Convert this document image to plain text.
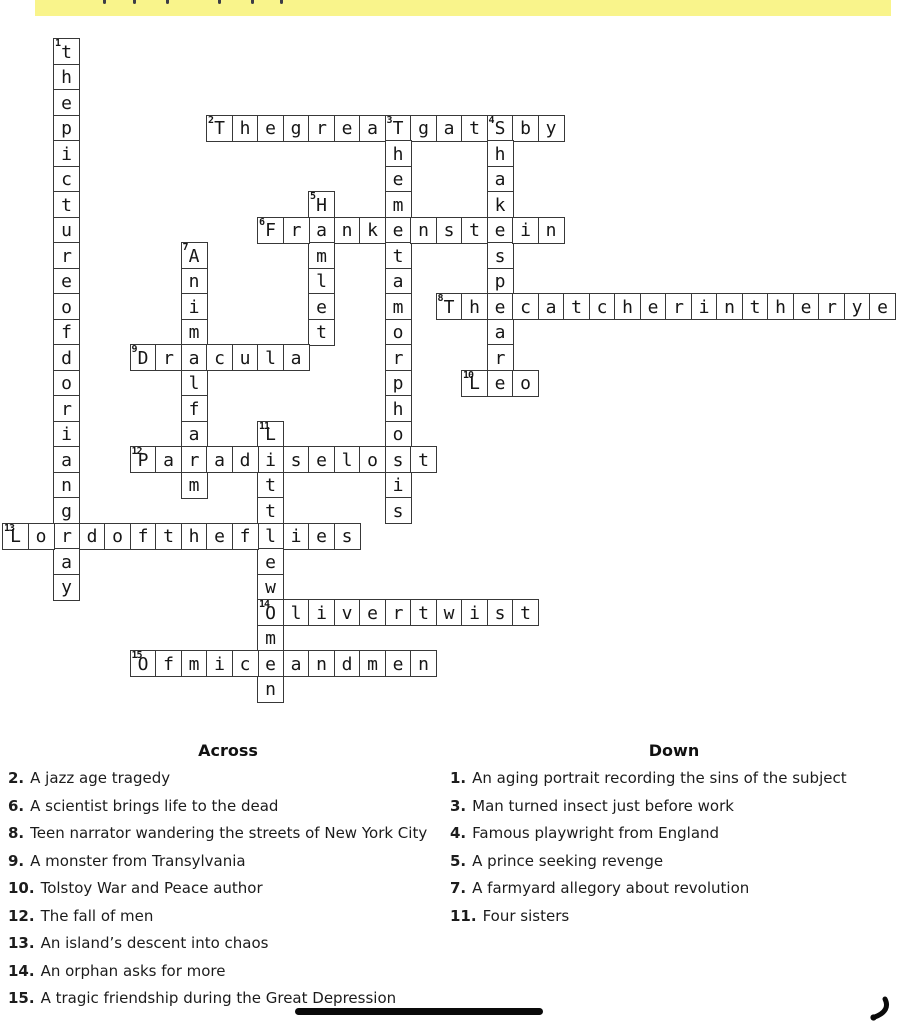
1 t
h
e
p
i
c
t
u
r
e
o
f
d
o
r
i
a
n
g
r
a
y
2 T h e g r e a 3 T g a t 4 S b y
h
e
m
e
t
a
m
o
r
p
h
o
s
i
s
h
a
k
e
s
p
e
a
r
e
5 H
a
m
l
e
t
6 F r	n k	n s t	i n
7 A
n
i
m
a
l
f
a
r
m
8 T h	c a t c h e r i n t h e r y e
9 D r	c u l a
10
L	o
11
L
i
t
t
l
e
w
14
O
m
e
n
12
P a	a d	s e l o	t
13
L o	d o f t h e f	i e s
l i v e r t w i s t
15
O f m i c	a n d m e n
Across
2. A jazz age tragedy
6. A scientist brings life to the dead
8. Teen narrator wandering the streets of New York City
9. A monster from Transylvania
10. Tolstoy War and Peace author
12. The fall of men
13. An island’s descent into chaos
14. An orphan asks for more
15. A tragic friendship during the Great Depression
Down
1. An aging portrait recording the sins of the subject
3. Man turned insect just before work
4. Famous playwright from England
5. A prince seeking revenge
7. A farmyard allegory about revolution
11. Four sisters
